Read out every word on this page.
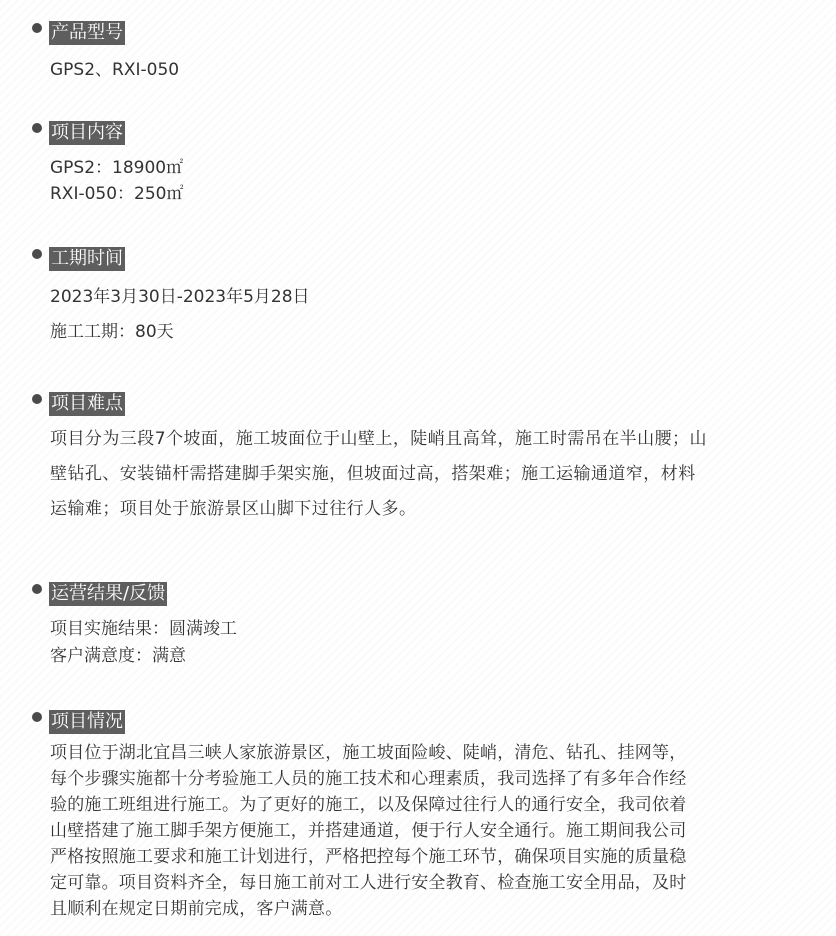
产品型号
GPS2、RXI-050
项目内容
GPS2：18900㎡
RXI-050：250㎡
工期时间
2023年3月30日-2023年5月28日
施工工期：80天
项目难点
项目分为三段7个坡面，施工坡面位于山壁上，陡峭且高耸，施工时需吊在半山腰；山
壁钻孔、安装锚杆需搭建脚手架实施，但坡面过高，搭架难；施工运输通道窄，材料
运输难；项目处于旅游景区山脚下过往行人多。
运营结果/反馈
项目实施结果：圆满竣工
客户满意度：满意
项目情况
项目位于湖北宜昌三峡人家旅游景区，施工坡面险峻、陡峭，清危、钻孔、挂网等，
每个步骤实施都十分考验施工人员的施工技术和心理素质，我司选择了有多年合作经
验的施工班组进行施工。为了更好的施工，以及保障过往行人的通行安全，我司依着
山壁搭建了施工脚手架方便施工，并搭建通道，便于行人安全通行。施工期间我公司
严格按照施工要求和施工计划进行，严格把控每个施工环节，确保项目实施的质量稳
定可靠。项目资料齐全，每日施工前对工人进行安全教育、检查施工安全用品，及时
且顺利在规定日期前完成，客户满意。
